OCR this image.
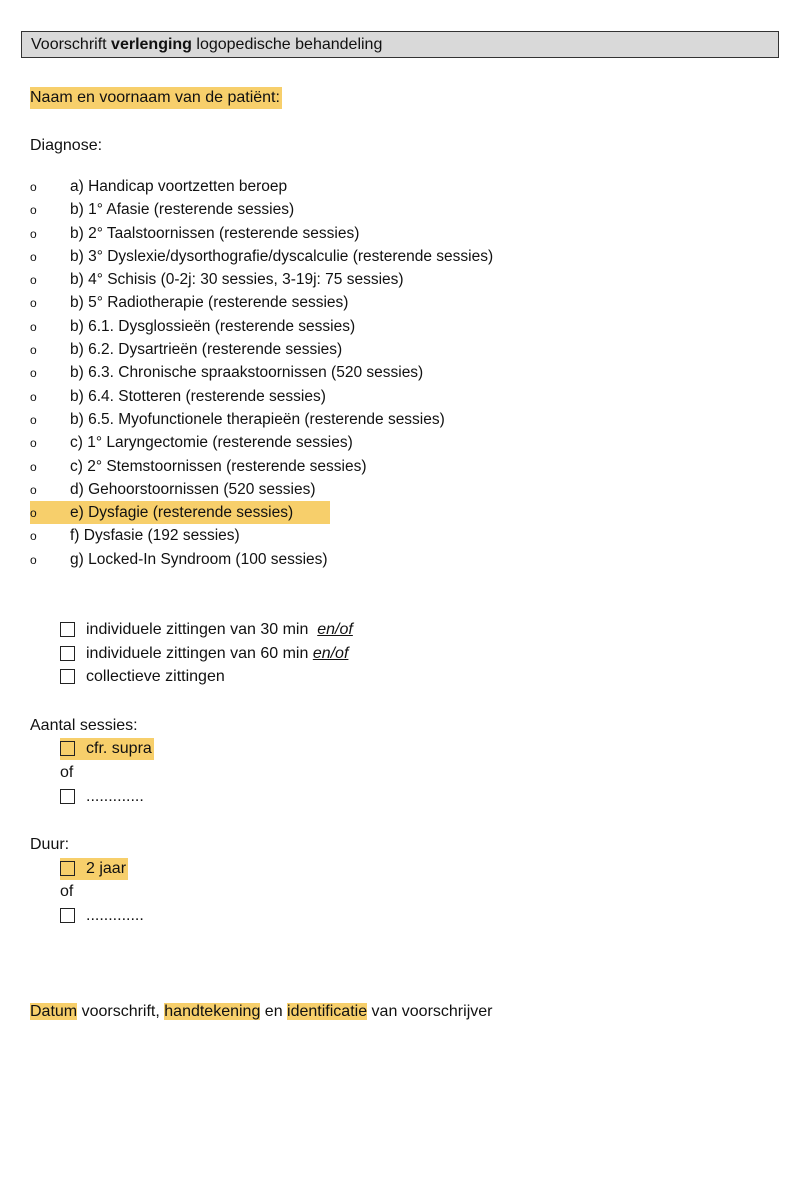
Voorschrift verlenging logopedische behandeling
Naam en voornaam van de patiënt:
Diagnose:
o	a) Handicap voortzetten beroep
o	b) 1° Afasie (resterende sessies)
o	b) 2° Taalstoornissen (resterende sessies)
o	b) 3° Dyslexie/dysorthografie/dyscalculie (resterende sessies)
o	b) 4° Schisis (0-2j: 30 sessies, 3-19j: 75 sessies)
o	b) 5° Radiotherapie (resterende sessies)
o	b) 6.1. Dysglossieën (resterende sessies)
o	b) 6.2. Dysartrieën (resterende sessies)
o	b) 6.3. Chronische spraakstoornissen (520 sessies)
o	b) 6.4. Stotteren (resterende sessies)
o	b) 6.5. Myofunctionele therapieën (resterende sessies)
o	c) 1° Laryngectomie (resterende sessies)
o	c) 2° Stemstoornissen (resterende sessies)
o	d) Gehoorstoornissen (520 sessies)
o	e) Dysfagie (resterende sessies)
o	f) Dysfasie (192 sessies)
o	g) Locked-In Syndroom (100 sessies)
individuele zittingen van 30 min en/of
individuele zittingen van 60 min en/of
collectieve zittingen
Aantal sessies:
cfr. supra
of
.............
Duur:
2 jaar
of
.............
Datum voorschrift, handtekening en identificatie van voorschrijver
